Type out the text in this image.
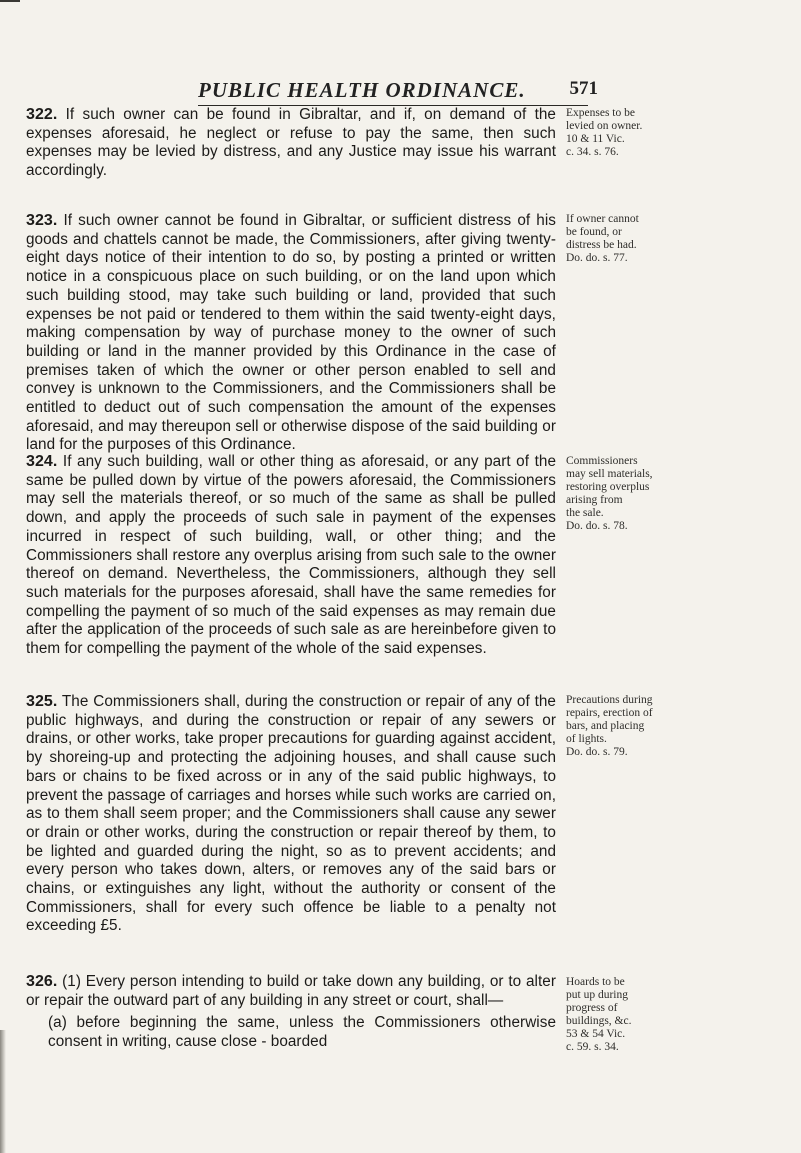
PUBLIC HEALTH ORDINANCE. 571

322. If such owner can be found in Gibraltar, and if, on demand of the expenses aforesaid, he neglect or refuse to pay the same, then such expenses may be levied by distress, and any Justice may issue his warrant accordingly.

Expenses to be
levied on owner.
10 & 11 Vic.
c. 34. s. 76.

323. If such owner cannot be found in Gibraltar, or sufficient distress of his goods and chattels cannot be made, the Commissioners, after giving twenty-eight days notice of their intention to do so, by posting a printed or written notice in a conspicuous place on such building, or on the land upon which such building stood, may take such building or land, provided that such expenses be not paid or tendered to them within the said twenty-eight days, making compensation by way of purchase money to the owner of such building or land in the manner provided by this Ordinance in the case of premises taken of which the owner or other person enabled to sell and convey is unknown to the Commissioners, and the Commissioners shall be entitled to deduct out of such compensation the amount of the expenses aforesaid, and may thereupon sell or otherwise dispose of the said building or land for the purposes of this Ordinance.

If owner cannot
be found, or
distress be had.
Do. do. s. 77.

324. If any such building, wall or other thing as aforesaid, or any part of the same be pulled down by virtue of the powers aforesaid, the Commissioners may sell the materials thereof, or so much of the same as shall be pulled down, and apply the proceeds of such sale in payment of the expenses incurred in respect of such building, wall, or other thing; and the Commissioners shall restore any overplus arising from such sale to the owner thereof on demand. Nevertheless, the Commissioners, although they sell such materials for the purposes aforesaid, shall have the same remedies for compelling the payment of so much of the said expenses as may remain due after the application of the proceeds of such sale as are hereinbefore given to them for compelling the payment of the whole of the said expenses.

Commissioners
may sell materials,
restoring overplus
arising from
the sale.
Do. do. s. 78.

325. The Commissioners shall, during the construction or repair of any of the public highways, and during the construction or repair of any sewers or drains, or other works, take proper precautions for guarding against accident, by shoreing-up and protecting the adjoining houses, and shall cause such bars or chains to be fixed across or in any of the said public highways, to prevent the passage of carriages and horses while such works are carried on, as to them shall seem proper; and the Commissioners shall cause any sewer or drain or other works, during the construction or repair thereof by them, to be lighted and guarded during the night, so as to prevent accidents; and every person who takes down, alters, or removes any of the said bars or chains, or extinguishes any light, without the authority or consent of the Commissioners, shall for every such offence be liable to a penalty not exceeding £5.

Precautions during
repairs, erection of
bars, and placing
of lights.
Do. do. s. 79.

326. (1) Every person intending to build or take down any building, or to alter or repair the outward part of any building in any street or court, shall—

(a) before beginning the same, unless the Commissioners otherwise consent in writing, cause close - boarded

Hoards to be
put up during
progress of
buildings, &c.
53 & 54 Vic.
c. 59. s. 34.
